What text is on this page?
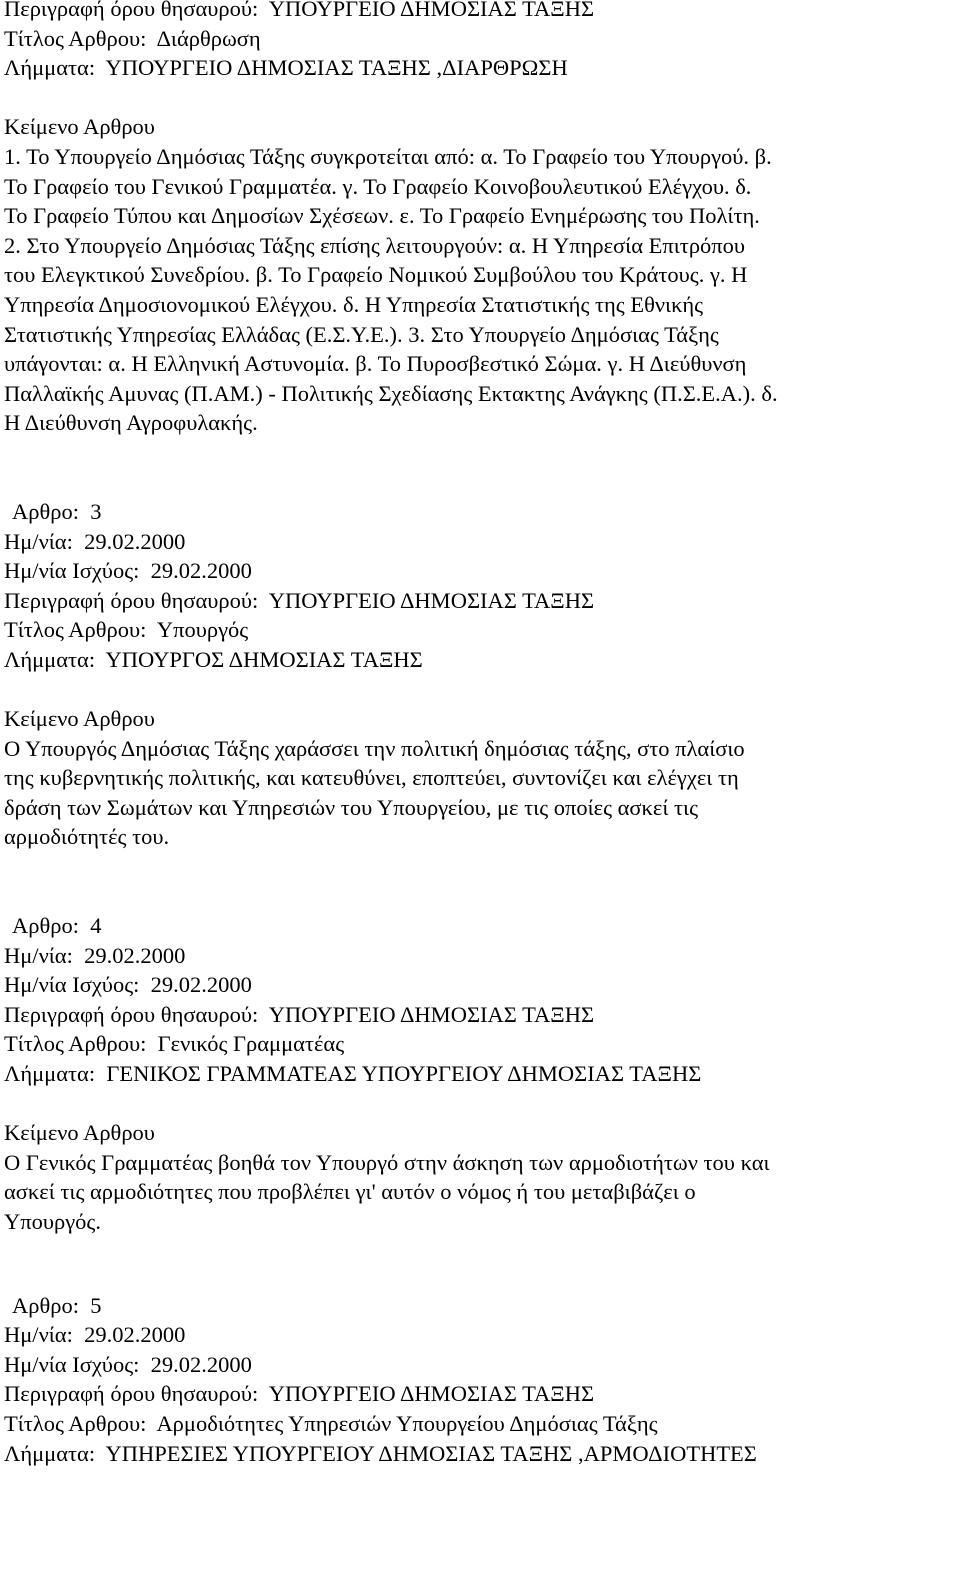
Περιγραφή όρου θησαυρού: ΥΠΟΥΡΓΕΙΟ ΔΗΜΟΣΙΑΣ ΤΑΞΗΣ
Τίτλος Αρθρου: Διάρθρωση
Λήμματα: ΥΠΟΥΡΓΕΙΟ ΔΗΜΟΣΙΑΣ ΤΑΞΗΣ ,ΔΙΑΡΘΡΩΣΗ
Κείμενο Αρθρου
1. Το Υπουργείο Δημόσιας Τάξης συγκροτείται από: α. Το Γραφείο του Υπουργού. β.
Το Γραφείο του Γενικού Γραμματέα. γ. Το Γραφείο Κοινοβουλευτικού Ελέγχου. δ.
Το Γραφείο Τύπου και Δημοσίων Σχέσεων. ε. Το Γραφείο Ενημέρωσης του Πολίτη.
2. Στο Υπουργείο Δημόσιας Τάξης επίσης λειτουργούν: α. Η Υπηρεσία Επιτρόπου
του Ελεγκτικού Συνεδρίου. β. Το Γραφείο Νομικού Συμβούλου του Κράτους. γ. Η
Υπηρεσία Δημοσιονομικού Ελέγχου. δ. Η Υπηρεσία Στατιστικής της Εθνικής
Στατιστικής Υπηρεσίας Ελλάδας (Ε.Σ.Υ.Ε.). 3. Στο Υπουργείο Δημόσιας Τάξης
υπάγονται: α. Η Ελληνική Αστυνομία. β. Το Πυροσβεστικό Σώμα. γ. Η Διεύθυνση
Παλλαϊκής Αμυνας (Π.ΑΜ.) - Πολιτικής Σχεδίασης Εκτακτης Ανάγκης (Π.Σ.Ε.Α.). δ.
Η Διεύθυνση Αγροφυλακής.
Αρθρο: 3
Ημ/νία: 29.02.2000
Ημ/νία Ισχύος: 29.02.2000
Περιγραφή όρου θησαυρού: ΥΠΟΥΡΓΕΙΟ ΔΗΜΟΣΙΑΣ ΤΑΞΗΣ
Τίτλος Αρθρου: Υπουργός
Λήμματα: ΥΠΟΥΡΓΟΣ ΔΗΜΟΣΙΑΣ ΤΑΞΗΣ
Κείμενο Αρθρου
Ο Υπουργός Δημόσιας Τάξης χαράσσει την πολιτική δημόσιας τάξης, στο πλαίσιο
της κυβερνητικής πολιτικής, και κατευθύνει, εποπτεύει, συντονίζει και ελέγχει τη
δράση των Σωμάτων και Υπηρεσιών του Υπουργείου, με τις οποίες ασκεί τις
αρμοδιότητές του.
Αρθρο: 4
Ημ/νία: 29.02.2000
Ημ/νία Ισχύος: 29.02.2000
Περιγραφή όρου θησαυρού: ΥΠΟΥΡΓΕΙΟ ΔΗΜΟΣΙΑΣ ΤΑΞΗΣ
Τίτλος Αρθρου: Γενικός Γραμματέας
Λήμματα: ΓΕΝΙΚΟΣ ΓΡΑΜΜΑΤΕΑΣ ΥΠΟΥΡΓΕΙΟΥ ΔΗΜΟΣΙΑΣ ΤΑΞΗΣ
Κείμενο Αρθρου
Ο Γενικός Γραμματέας βοηθά τον Υπουργό στην άσκηση των αρμοδιοτήτων του και
ασκεί τις αρμοδιότητες που προβλέπει γι' αυτόν ο νόμος ή του μεταβιβάζει ο
Υπουργός.
Αρθρο: 5
Ημ/νία: 29.02.2000
Ημ/νία Ισχύος: 29.02.2000
Περιγραφή όρου θησαυρού: ΥΠΟΥΡΓΕΙΟ ΔΗΜΟΣΙΑΣ ΤΑΞΗΣ
Τίτλος Αρθρου: Αρμοδιότητες Υπηρεσιών Υπουργείου Δημόσιας Τάξης
Λήμματα: ΥΠΗΡΕΣΙΕΣ ΥΠΟΥΡΓΕΙΟΥ ΔΗΜΟΣΙΑΣ ΤΑΞΗΣ ,ΑΡΜΟΔΙΟΤΗΤΕΣ
